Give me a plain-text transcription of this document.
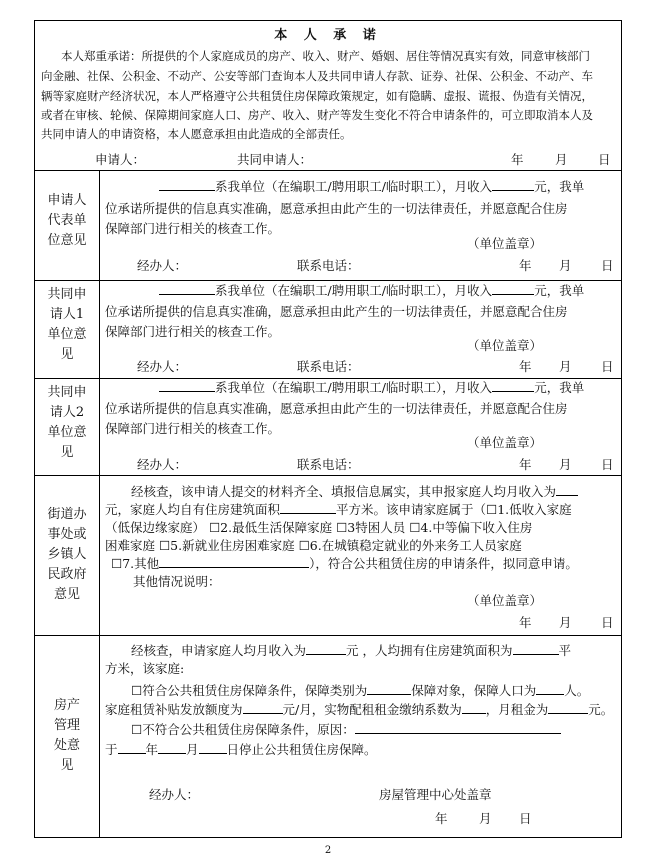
本 人 承 诺
本人郑重承诺：所提供的个人家庭成员的房产、收入、财产、婚姻、居住等情况真实有效，同意审核部门
向金融、社保、公积金、不动产、公安等部门查询本人及共同申请人存款、证券、社保、公积金、不动产、车
辆等家庭财产经济状况，本人严格遵守公共租赁住房保障政策规定，如有隐瞒、虚报、谎报、伪造有关情况，
或者在审核、轮候、保障期间家庭人口、房产、收入、财产等发生变化不符合申请条件的，可立即取消本人及
共同申请人的申请资格，本人愿意承担由此造成的全部责任。
申请人：	共同申请人：	年	月 日
申请人
代表单
位意见
系我单位（在编职工/聘用职工/临时职工），月收入	元，我单
位承诺所提供的信息真实准确，愿意承担由此产生的一切法律责任，并愿意配合住房
保障部门进行相关的核查工作。
（单位盖章）
经办人：	联系电话：	年 月 日
共同申
请人1
单位意
见
系我单位（在编职工/聘用职工/临时职工），月收入	元，我单
位承诺所提供的信息真实准确，愿意承担由此产生的一切法律责任，并愿意配合住房
保障部门进行相关的核查工作。
（单位盖章）
经办人：	联系电话：	年 月 日
共同申
请人2
单位意
见
系我单位（在编职工/聘用职工/临时职工），月收入	元，我单
位承诺所提供的信息真实准确，愿意承担由此产生的一切法律责任，并愿意配合住房
保障部门进行相关的核查工作。
（单位盖章）
经办人：	联系电话：	年 月 日
街道办
事处或
乡镇人
民政府
意见
经核查，该申请人提交的材料齐全、填报信息属实，其申报家庭人均月收入为
元，家庭人均自有住房建筑面积	平方米。该申请家庭属于（☐1.低收入家庭
（低保边缘家庭） ☐2.最低生活保障家庭 ☐3特困人员 ☐4.中等偏下收入住房
困难家庭 ☐5.新就业住房困难家庭 ☐6.在城镇稳定就业的外来务工人员家庭
☐7.其他	），符合公共租赁住房的申请条件，拟同意申请。
其他情况说明：
（单位盖章）
年 月 日
房产
管理
处意
见
经核查，申请家庭人均月收入为	元 ，人均拥有住房建筑面积为	平
方米，该家庭:
☐符合公共租赁住房保障条件，保障类别为	保障对象，保障人口为 人。
家庭租赁补贴发放额度为	元/月，实物配租租金缴纳系数为 ，月租金为	元。
☐不符合公共租赁住房保障条件，原因：
于 年 月 日停止公共租赁住房保障。
经办人：	房屋管理中心处盖章
年	月 日
2
